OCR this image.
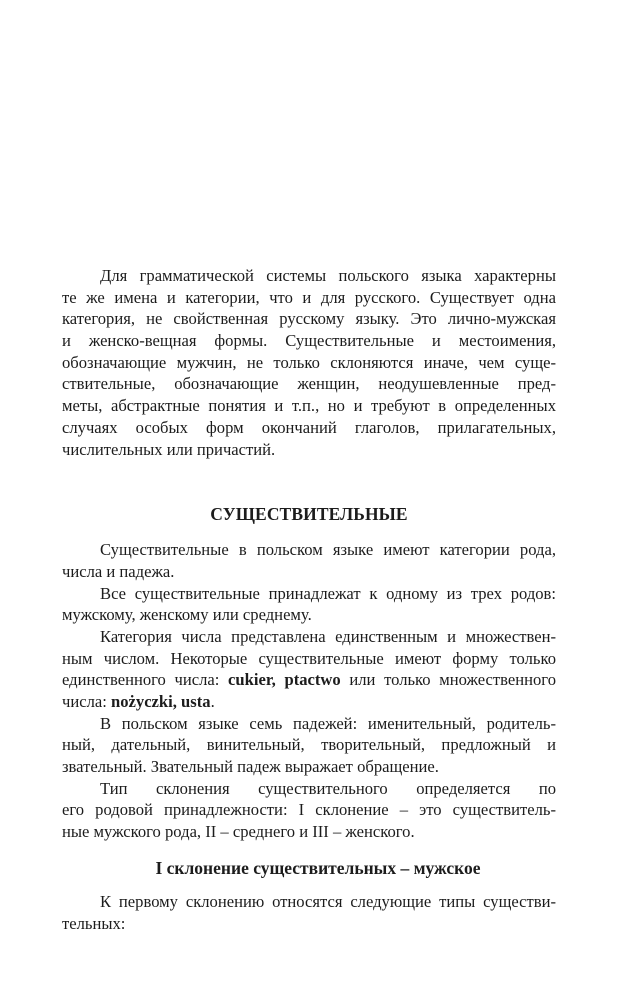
Для грамматической системы польского языка характерны
те же имена и категории, что и для русского. Существует одна
категория, не свойственная русскому языку. Это лично-мужская
и женско-вещная формы. Существительные и местоимения,
обозначающие мужчин, не только склоняются иначе, чем суще-
ствительные, обозначающие женщин, неодушевленные пред-
меты, абстрактные понятия и т.п., но и требуют в определенных
случаях особых форм окончаний глаголов, прилагательных,
числительных или причастий.
СУЩЕСТВИТЕЛЬНЫЕ
Существительные в польском языке имеют категории рода,
числа и падежа.
Все существительные принадлежат к одному из трех родов:
мужскому, женскому или среднему.
Категория числа представлена единственным и множествен-
ным числом. Некоторые существительные имеют форму только
единственного числа: cukier, ptactwo или только множественного
числа: nożyczki, usta.
В польском языке семь падежей: именительный, родитель-
ный, дательный, винительный, творительный, предложный и
звательный. Звательный падеж выражает обращение.
Тип склонения существительного определяется по
его родовой принадлежности: I склонение – это существитель-
ные мужского рода, II – среднего и III – женского.
I склонение существительных – мужское
К первому склонению относятся следующие типы существи-
тельных:
